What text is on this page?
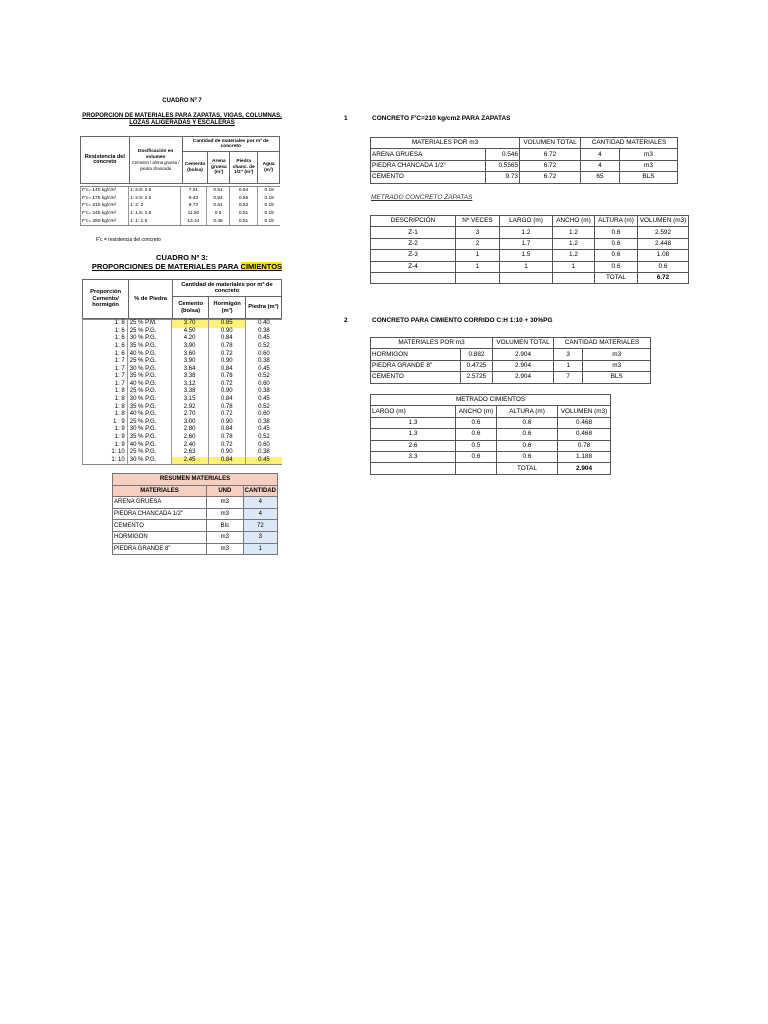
CUADRO Nº 7
PROPORCION DE MATERIALES PARA ZAPATAS, VIGAS, COLUMNAS, LOZAS ALIGERADAS Y ESCALERAS
Resistencia del concreto	Dosificación en volumen
Cemento / arena gruesa / piedra chancada	Cantidad de materiales por m³ de concreto			
		Cemento (bolsa)	Arena gruesa (m³)	Piedra chanc. de 1/2" (m³)	Agua (m³)
F'c= 140 kg/cm²	1: 2.8: 2.8	7.01	0.51	0.64	0.18
F'c= 175 kg/cm²	1: 2.5: 2.5	8.43	0.54	0.55	0.18
F'c= 210 kg/cm²	1: 2: 2	9.73	0.51	0.53	0.18
F'c= 245 kg/cm²	1: 1.5: 1.5	11.50	0.5	0.51	0.18
F'c= 280 kg/cm²	1: 1: 1.5	13.34	0.45	0.51	0.18
F'c = resistencia del concreto
CUADRO Nº 3:
PROPORCIONES DE MATERIALES PARA CIMIENTOS
Proporción Cemento/ hormigón	% de Piedra	Cantidad de materiales por m³ de concreto		
		Cemento (bolsa)	Hormigón (m³)	Piedra (m³)
1: 8	25 % P.M.	3.70	0.85	0.40
1: 6	25 % P.G.	4.50	0.90	0.38
1: 6	30 % P.G.	4.20	0.84	0.45
1: 6	35 % P.G.	3.90	0.78	0.52
1: 6	40 % P.G.	3.60	0.72	0.60
1: 7	25 % P.G.	3.90	0.90	0.38
1: 7	30 % P.G.	3.64	0.84	0.45
1: 7	35 % P.G.	3.38	0.78	0.52
1: 7	40 % P.G.	3.12	0.72	0.60
1: 8	25 % P.G.	3.38	0.90	0.38
1: 8	30 % P.G.	3.15	0.84	0.45
1: 8	35 % P.G.	2.92	0.78	0.52
1: 8	40 % P.G.	2.70	0.72	0.60
1 : 9	25 % P.G.	3.00	0.90	0.38
1: 9	30 % P.G.	2.80	0.84	0.45
1: 9	35 % P.G.	2.60	0.78	0.52
1: 9	40 % P.G.	2.40	0.72	0.60
1: 10	25 % P.G.	2.63	0.90	0.38
1: 10	30 % P.G.	2.45	0.84	0.45
RESUMEN MATERIALES		
MATERIALES	UND	CANTIDAD
ARENA GRUESA	m3	4
PIEDRA CHANCADA 1/2"	m3	4
CEMENTO	Bls	72
HORMIGON	m3	3
PIEDRA GRANDE 8"	m3	1
1	CONCRETO F'C=210 kg/cm2 PARA ZAPATAS
MATERIALES POR m3		VOLUMEN TOTAL	CANTIDAD MATERIALES	
ARENA GRUESA	0.546	6.72	4	m3
PIEDRA CHANCADA 1/2"	0.5565	6.72	4	m3
CEMENTO	9.73	6.72	65	BLS
METRADO CONCRETO ZAPATAS
DESCRIPCIÓN	Nº VECES	LARGO (m)	ANCHO (m)	ALTURA (m)	VOLUMEN (m3)
Z-1	3	1.2	1.2	0.6	2.592
Z-2	2	1.7	1.2	0.6	2.448
Z-3	1	1.5	1.2	0.6	1.08
Z-4	1	1	1	0.6	0.6
				TOTAL	6.72
2	CONCRETO PARA CIMIENTO CORRIDO C:H 1:10 + 30%PG
MATERIALES POR m3		VOLUMEN TOTAL	CANTIDAD MATERIALES	
HORMIGON	0.882	2.904	3	m3
PIEDRA GRANDE 8"	0.4725	2.904	1	m3
CEMENTO	2.5725	2.904	7	BLS
METRADO CIMIENTOS			
LARGO (m)	ANCHO (m)	ALTURA (m)	VOLUMEN (m3)
1.3	0.6	0.6	0.468
1.3	0.6	0.6	0.468
2.6	0.5	0.6	0.78
3.3	0.6	0.6	1.188
		TOTAL	2.904
